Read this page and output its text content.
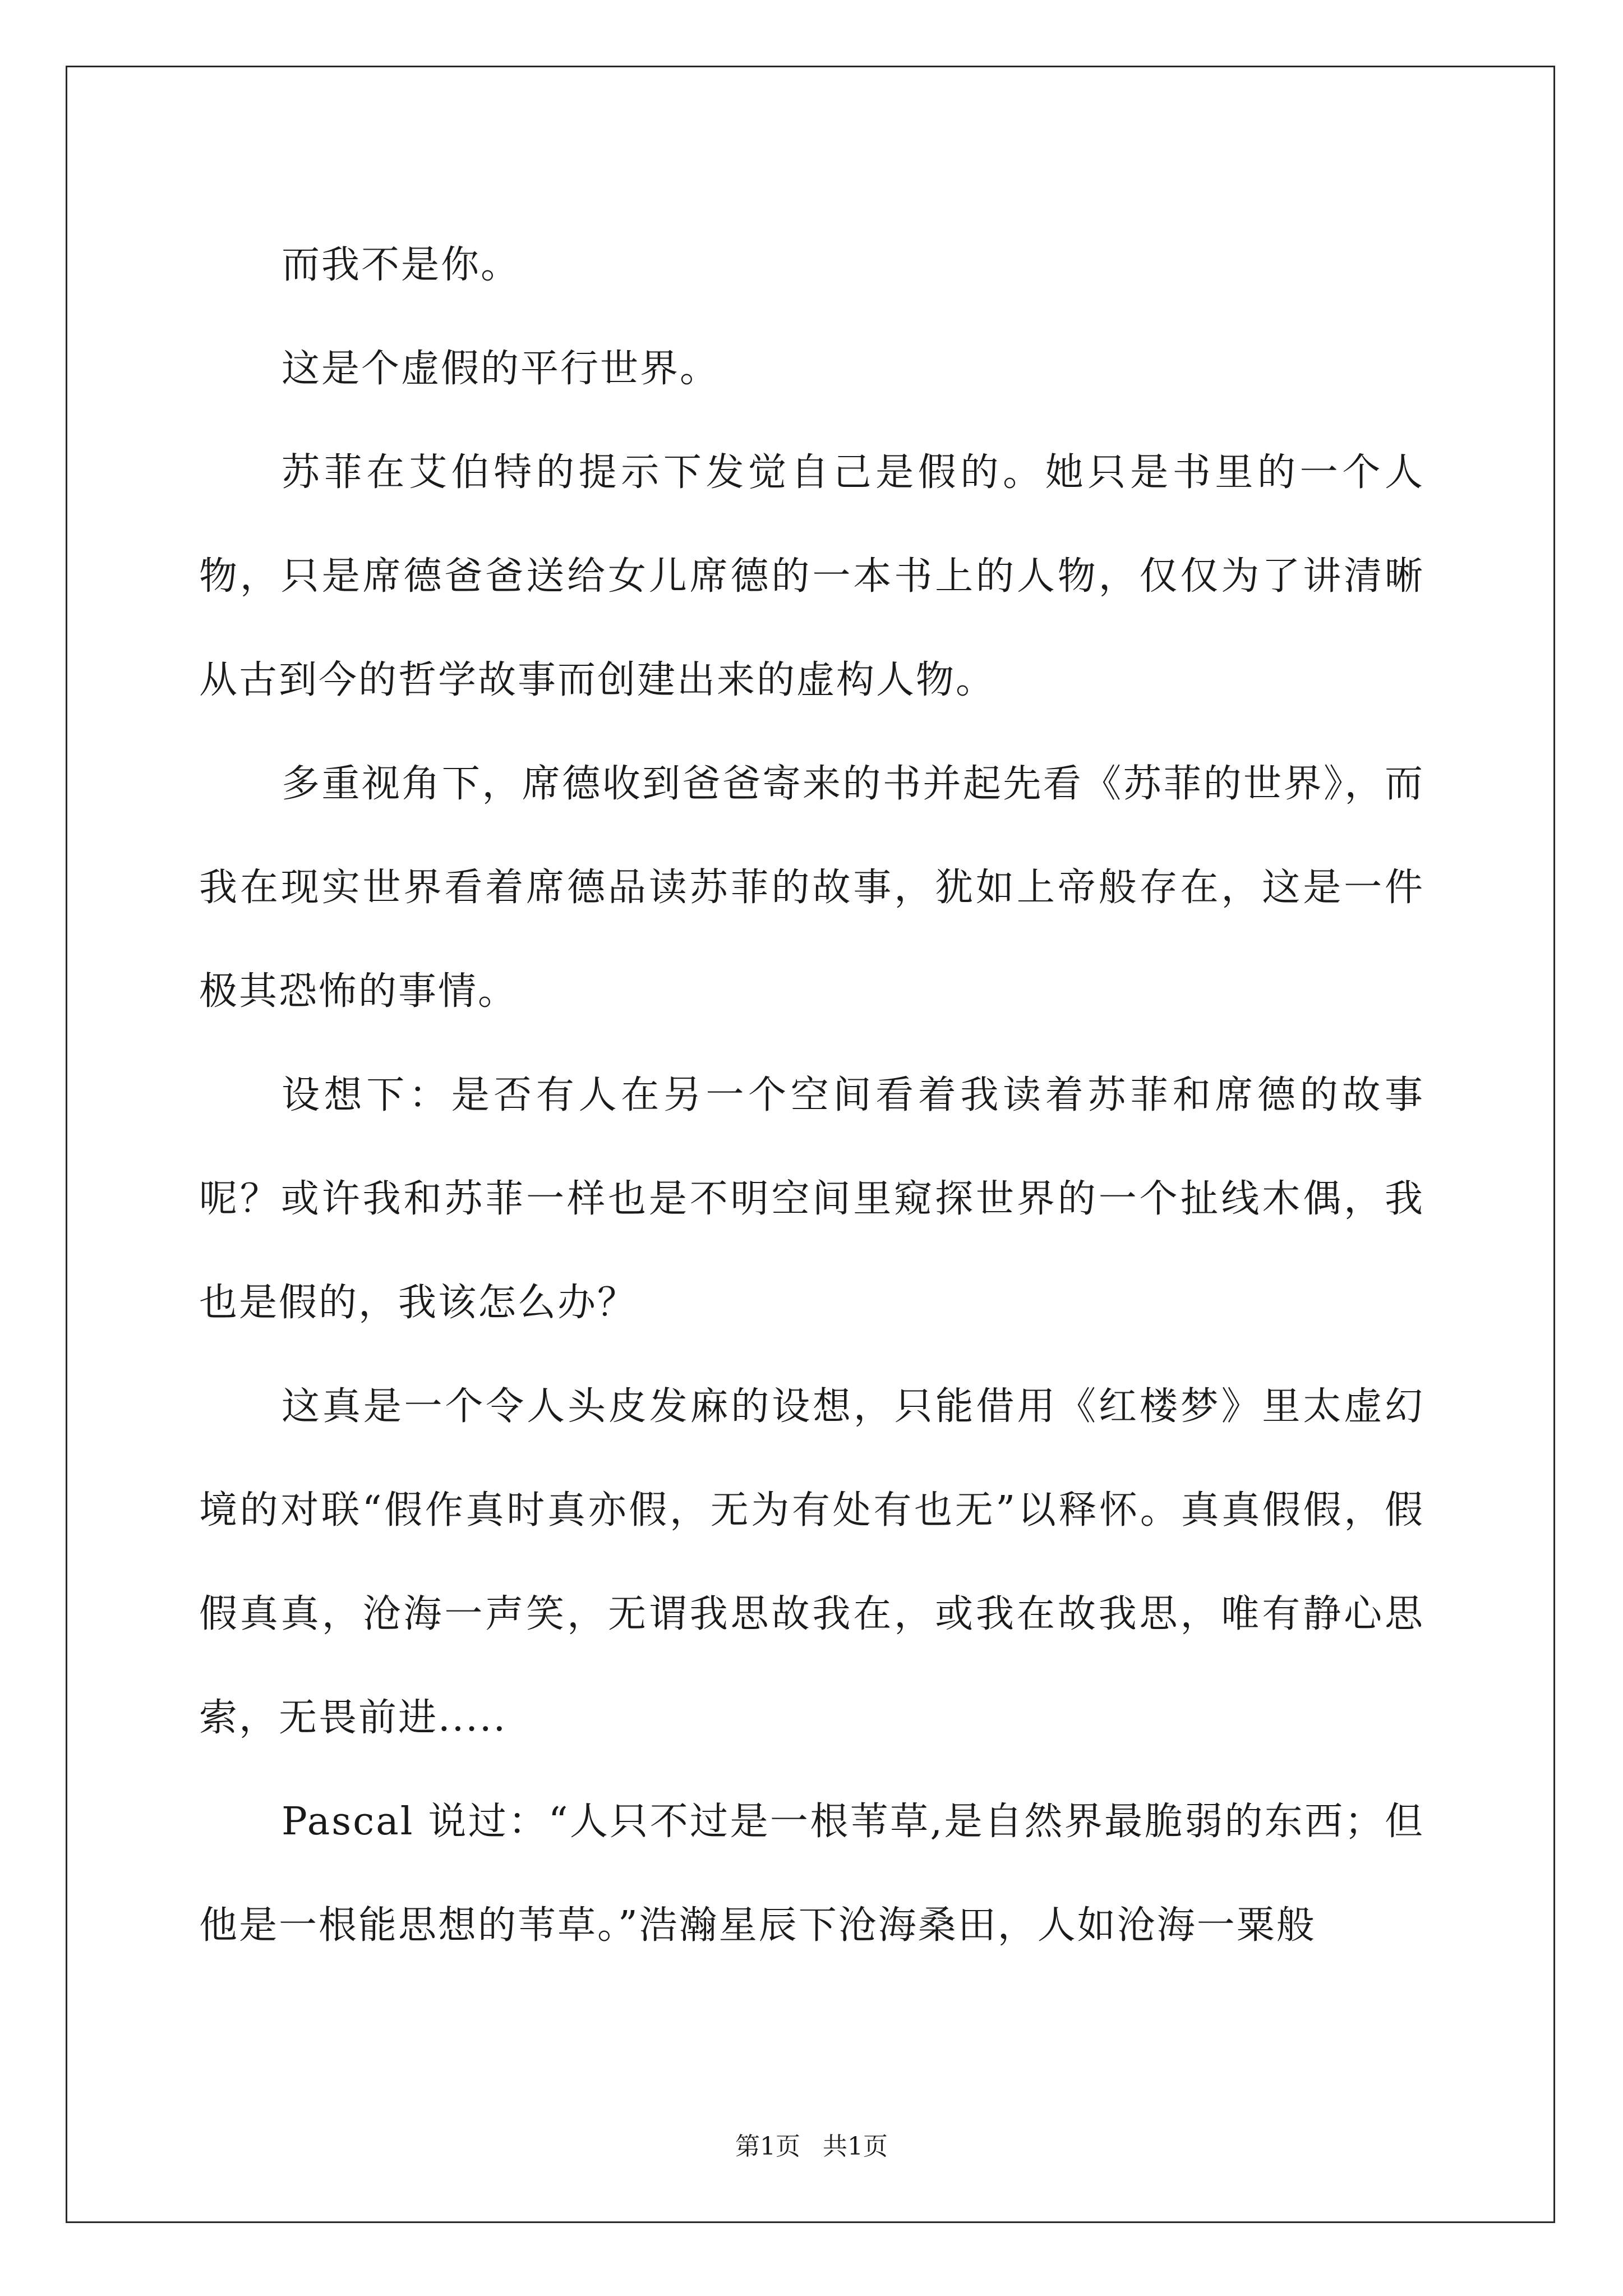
而我不是你。

这是个虚假的平行世界。

苏菲在艾伯特的提示下发觉自己是假的。她只是书里的一个人物，只是席德爸爸送给女儿席德的一本书上的人物，仅仅为了讲清晰从古到今的哲学故事而创建出来的虚构人物。

多重视角下，席德收到爸爸寄来的书并起先看《苏菲的世界》，而我在现实世界看着席德品读苏菲的故事，犹如上帝般存在，这是一件极其恐怖的事情。

设想下：是否有人在另一个空间看着我读着苏菲和席德的故事呢？或许我和苏菲一样也是不明空间里窥探世界的一个扯线木偶，我也是假的，我该怎么办？

这真是一个令人头皮发麻的设想，只能借用《红楼梦》里太虚幻境的对联“假作真时真亦假，无为有处有也无”以释怀。真真假假，假假真真，沧海一声笑，无谓我思故我在，或我在故我思，唯有静心思索，无畏前进.....

Pascal 说过：“人只不过是一根苇草,是自然界最脆弱的东西；但他是一根能思想的苇草。”浩瀚星辰下沧海桑田，人如沧海一粟般

第1页 共1页
